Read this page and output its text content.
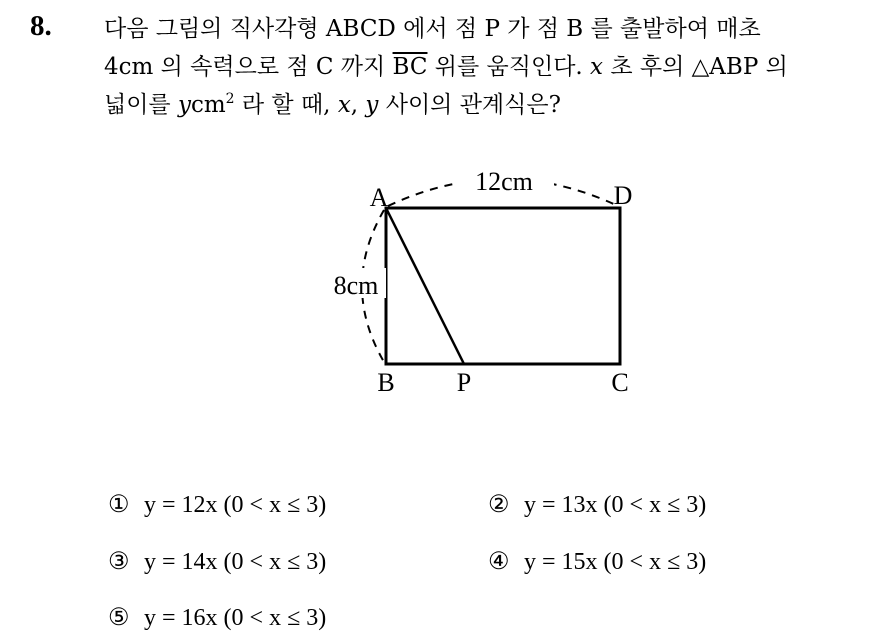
8. 다음 그림의 직사각형 ABCD 에서 점 P 가 점 B 를 출발하여 매초
4cm 의 속력으로 점 C 까지 $\overline{BC}$ 위를 움직인다. x 초 후의 △ABP 의
넓이를 ycm$^2$ 라 할 때, x, y 사이의 관계식은?
12cm
8cm
A	D
B P	C
① y = 12x (0 < x ≤ 3)	② y = 13x (0 < x ≤ 3)
③ y = 14x (0 < x ≤ 3)	④ y = 15x (0 < x ≤ 3)
⑤ y = 16x (0 < x ≤ 3)
